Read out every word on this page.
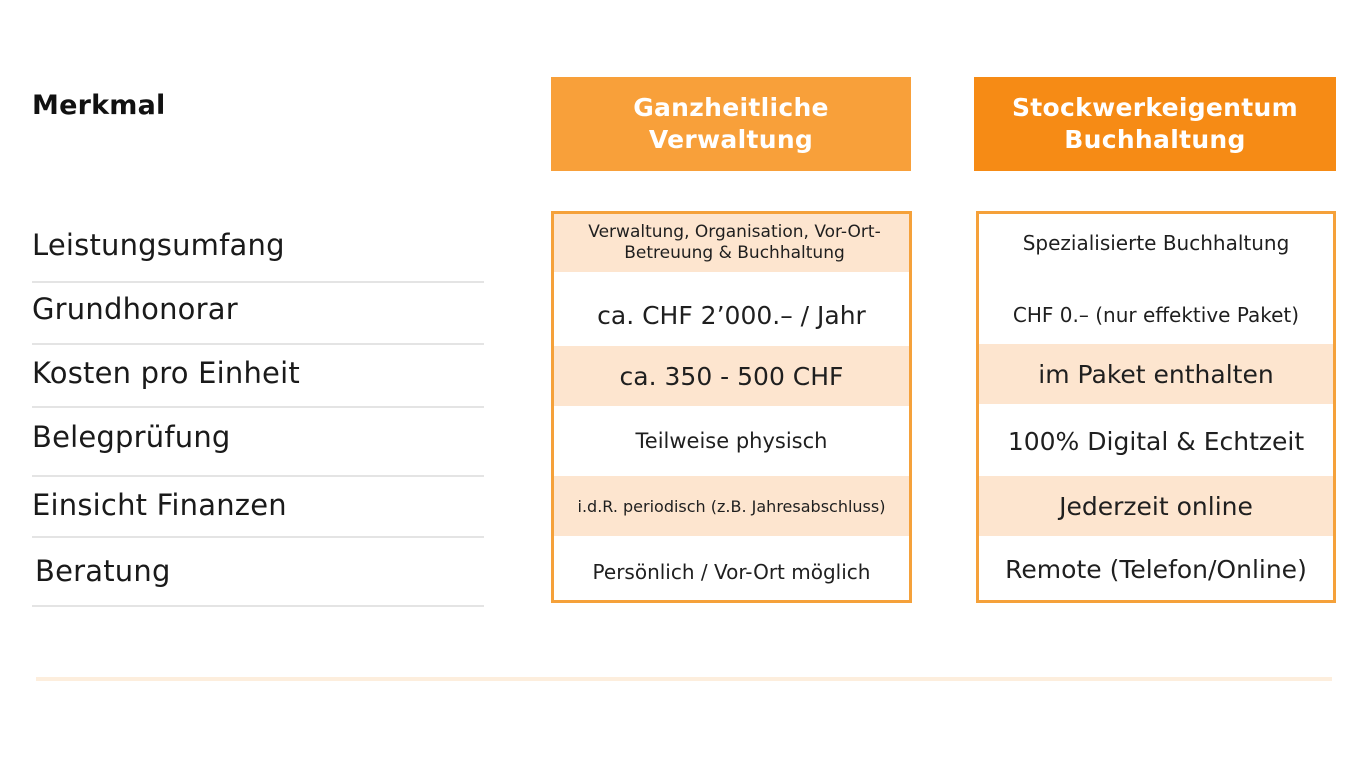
Merkmal
Leistungsumfang
Grundhonorar
Kosten pro Einheit
Belegprüfung
Einsicht Finanzen
Beratung
Ganzheitliche
Verwaltung
Stockwerkeigentum
Buchhaltung
Verwaltung, Organisation, Vor-Ort-
Betreuung & Buchhaltung
ca. CHF 2’000.– / Jahr
ca. 350 - 500 CHF
Teilweise physisch
i.d.R. periodisch (z.B. Jahresabschluss)
Persönlich / Vor-Ort möglich
Spezialisierte Buchhaltung
CHF 0.– (nur effektive Paket)
im Paket enthalten
100% Digital & Echtzeit
Jederzeit online
Remote (Telefon/Online)
